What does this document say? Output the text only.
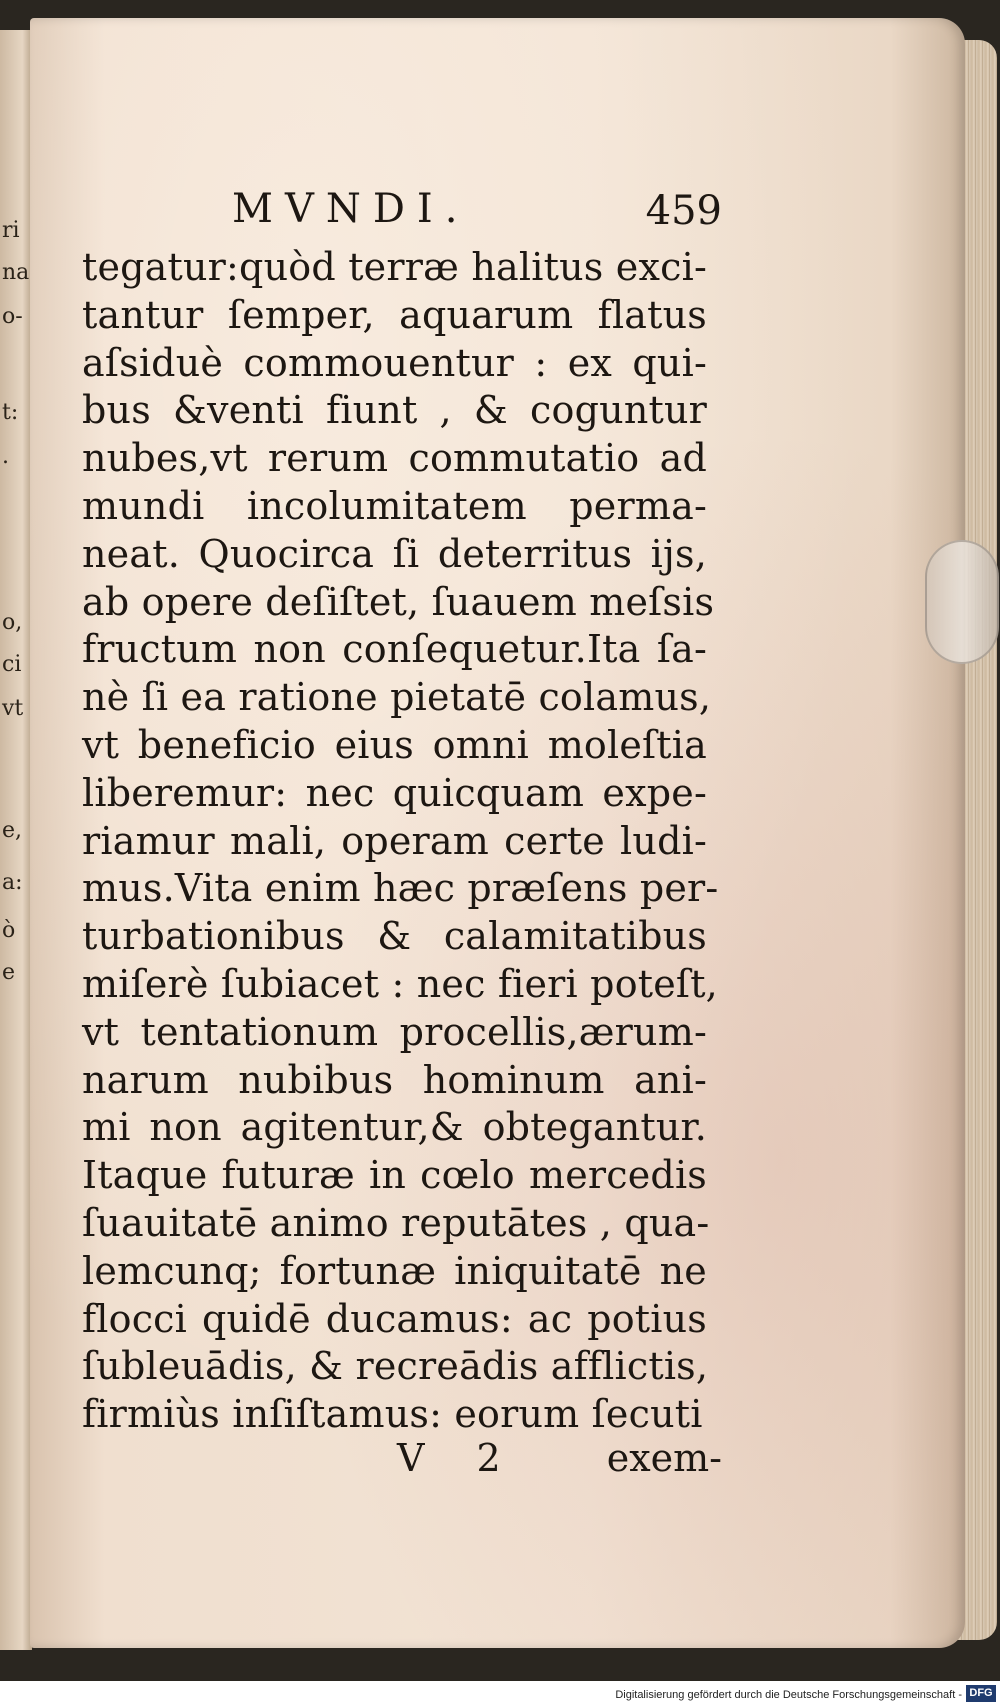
ri
na
o-
t:
.
o,
ci
vt
e,
a:
ò
e
MVNDI.	459
tegatur:quòd terræ halitus exci-
tantur ſemper, aquarum flatus
aſsiduè commouentur : ex qui-
bus &venti fiunt , & coguntur
nubes,vt rerum commutatio ad
mundi incolumitatem perma-
neat. Quocirca ſi deterritus ijs,
ab opere deſiſtet, ſuauem meſsis
fructum non conſequetur.Ita ſa-
nè ſi ea ratione pietatē colamus,
vt beneficio eius omni moleſtia
liberemur: nec quicquam expe-
riamur mali, operam certe ludi-
mus.Vita enim hæc præſens per-
turbationibus & calamitatibus
miſerè ſubiacet : nec fieri poteſt,
vt tentationum procellis,ærum-
narum nubibus hominum ani-
mi non agitentur,& obtegantur.
Itaque futuræ in cœlo mercedis
ſuauitatē animo reputātes , qua-
lemcunq; fortunæ iniquitatē ne
flocci quidē ducamus: ac potius
ſubleuādis, & recreādis afflictis,
firmiùs inſiſtamus: eorum ſecuti
V 2 exem-
Digitalisierung gefördert durch die Deutsche Forschungsgemeinschaft - DFG
